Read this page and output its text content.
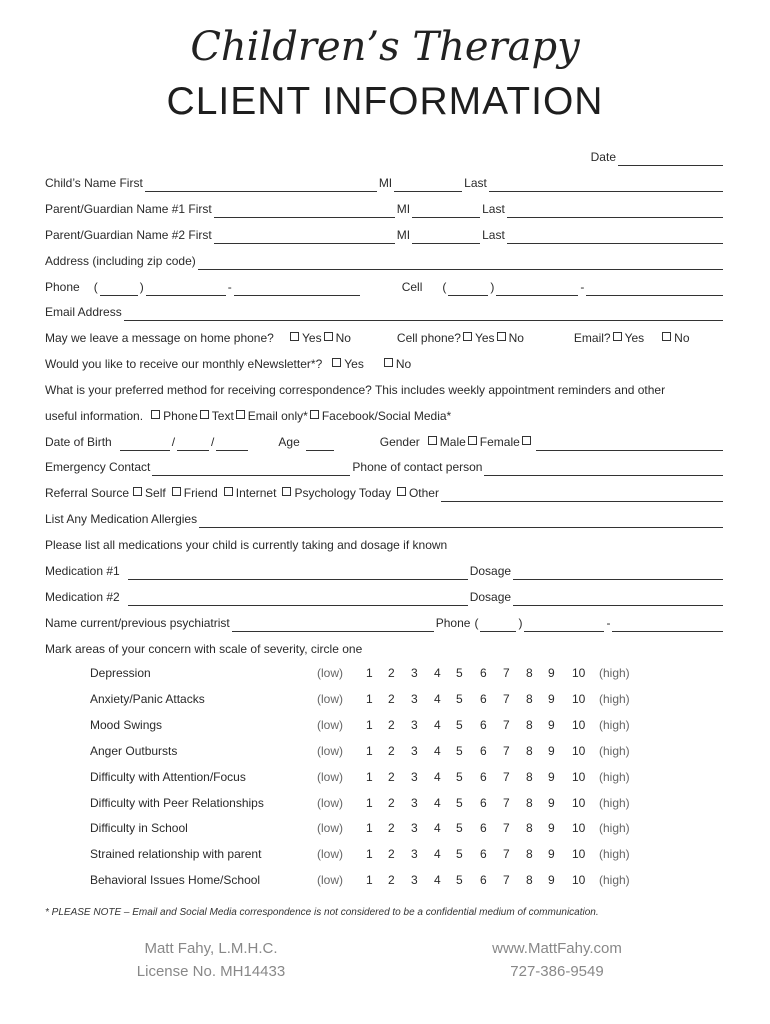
Children’s Therapy
CLIENT INFORMATION
Date
Child’s Name First	MI	Last
Parent/Guardian Name #1 First	MI	Last
Parent/Guardian Name #2 First	MI	Last
Address (including zip code)
Phone (	)	-	Cell (	)	-
Email Address
May we leave a message on home phone?	Yes No	Cell phone? Yes No	Email? Yes	No
Would you like to receive our monthly eNewsletter*? Yes	No
What is your preferred method for receiving correspondence? This includes weekly appointment reminders and other
useful information. Phone Text Email only* Facebook/Social Media*
Date of Birth	/	/	Age	Gender Male Female
Emergency Contact	Phone of contact person
Referral Source Self Friend Internet Psychology Today Other
List Any Medication Allergies
Please list all medications your child is currently taking and dosage if known
Medication #1	Dosage
Medication #2	Dosage
Name current/previous psychiatrist	Phone (	)	-
Mark areas of your concern with scale of severity, circle one
Depression	(low) 1 2 3 4 5 6 7 8 9 10 (high)
Anxiety/Panic Attacks	(low) 1 2 3 4 5 6 7 8 9 10 (high)
Mood Swings	(low) 1 2 3 4 5 6 7 8 9 10 (high)
Anger Outbursts	(low) 1 2 3 4 5 6 7 8 9 10 (high)
Difficulty with Attention/Focus	(low) 1 2 3 4 5 6 7 8 9 10 (high)
Difficulty with Peer Relationships	(low) 1 2 3 4 5 6 7 8 9 10 (high)
Difficulty in School	(low) 1 2 3 4 5 6 7 8 9 10 (high)
Strained relationship with parent	(low) 1 2 3 4 5 6 7 8 9 10 (high)
Behavioral Issues Home/School	(low) 1 2 3 4 5 6 7 8 9 10 (high)
* PLEASE NOTE – Email and Social Media correspondence is not considered to be a confidential medium of communication.
Matt Fahy, L.M.H.C.
License No. MH14433
www.MattFahy.com
727-386-9549
